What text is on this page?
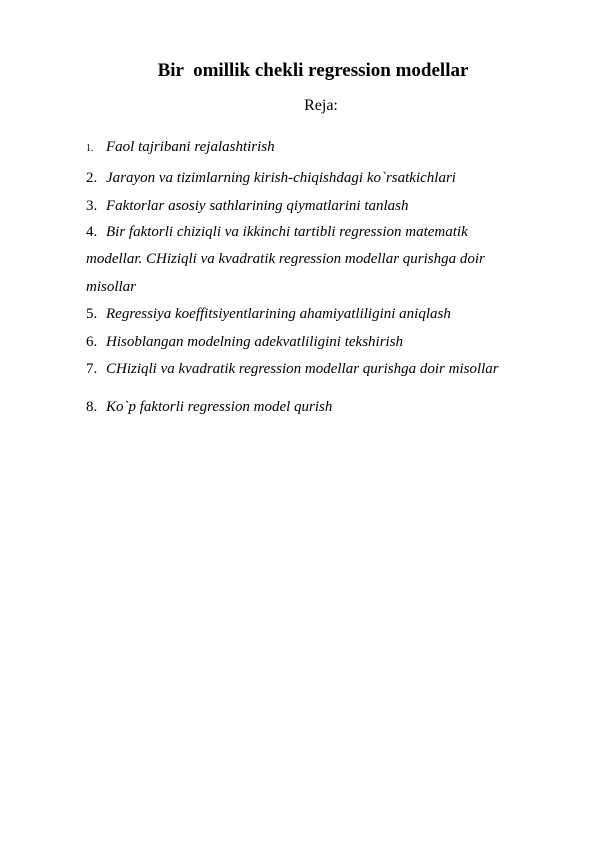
Bir  omillik chekli regression modellar
Reja:
1. Faol tajribani rejalashtirish
2. Jarayon va tizimlarning kirish-chiqishdagi ko`rsatkichlari
3. Faktorlar asosiy sathlarining qiymatlarini tanlash
4. Bir faktorli chiziqli va ikkinchi tartibli regression matematik
modellar. CHiziqli va kvadratik regression modellar qurishga doir
misollar
5. Regressiya koeffitsiyentlarining ahamiyatliligini aniqlash
6. Hisoblangan modelning adekvatliligini tekshirish
7. CHiziqli va kvadratik regression modellar qurishga doir misollar
8. Ko`p faktorli regression model qurish
